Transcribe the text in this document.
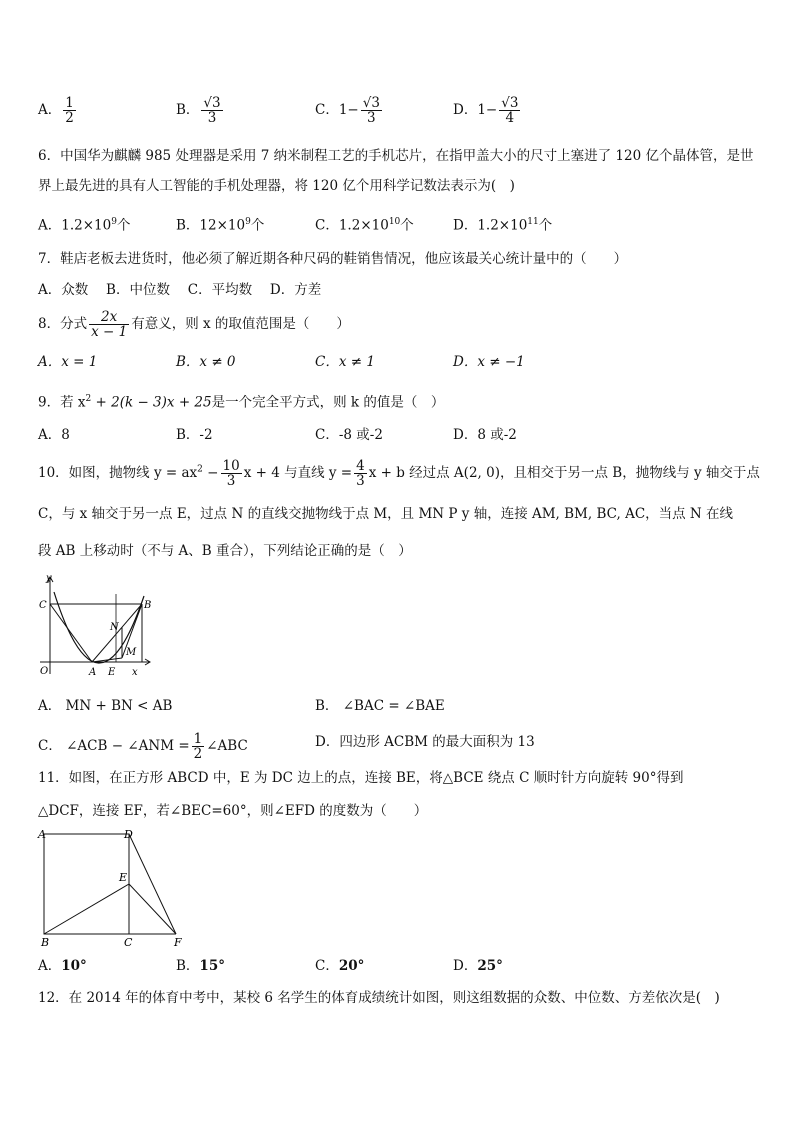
A． $\frac{1}{2}$	B． $\frac{√3}{3}$	C．$1- \frac{√3}{3}$	D．$1- \frac{√3}{4}$
6．中国华为麒麟 985 处理器是采用 7 纳米制程工艺的手机芯片，在指甲盖大小的尺寸上塞进了 120 亿个晶体管，是世
界上最先进的具有人工智能的手机处理器，将 120 亿个用科学记数法表示为(　)
A．$1.2\times 10^9$个	B．$12\times 10^9$个	C．$1.2\times 10^{10}$个	D．$1.2\times 10^{11}$个
7．鞋店老板去进货时，他必须了解近期各种尺码的鞋销售情况，他应该最关心统计量中的（　　）
A．众数　 B．中位数　 C．平均数　 D．方差
8．分式 $\frac{2x}{x - 1}$ 有意义，则 x 的取值范围是（　　）
A．x = 1	B．x ≠ 0	C．x ≠ 1	D．x ≠ −1
9．若 $x^2 + 2(k - 3)x + 25$是一个完全平方式，则 k 的值是（　）
A．8	B．-2	C．-8 或-2	D．8 或-2
10．如图，抛物线 $y = ax^2 - \frac{10}{3}$ x + 4 与直线 $y = \frac{4}{3}$ x + b 经过点 A(2, 0)，且相交于另一点 B，抛物线与 y 轴交于点
C，与 x 轴交于另一点 E，过点 N 的直线交抛物线于点 M，且 MN P y 轴，连接 AM, BM, BC, AC，当点 N 在线
段 AB 上移动时（不与 A、B 重合），下列结论正确的是（　）
y
C
O	A E x
B
N
M
A． MN + BN < AB	B． ∠BAC = ∠BAE
C． ∠ACB − ∠ANM = $\frac{1}{2}$ ∠ABC	D．四边形 ACBM 的最大面积为 13
11．如图，在正方形 ABCD 中，E 为 DC 边上的点，连接 BE，将△BCE 绕点 C 顺时针方向旋转 90°得到
△DCF，连接 EF，若∠BEC=60°，则∠EFD 的度数为（　　）
A	D
E
B	C	F
A．10°	B．15°	C．20°	D．25°
12．在 2014 年的体育中考中，某校 6 名学生的体育成绩统计如图，则这组数据的众数、中位数、方差依次是(　)
